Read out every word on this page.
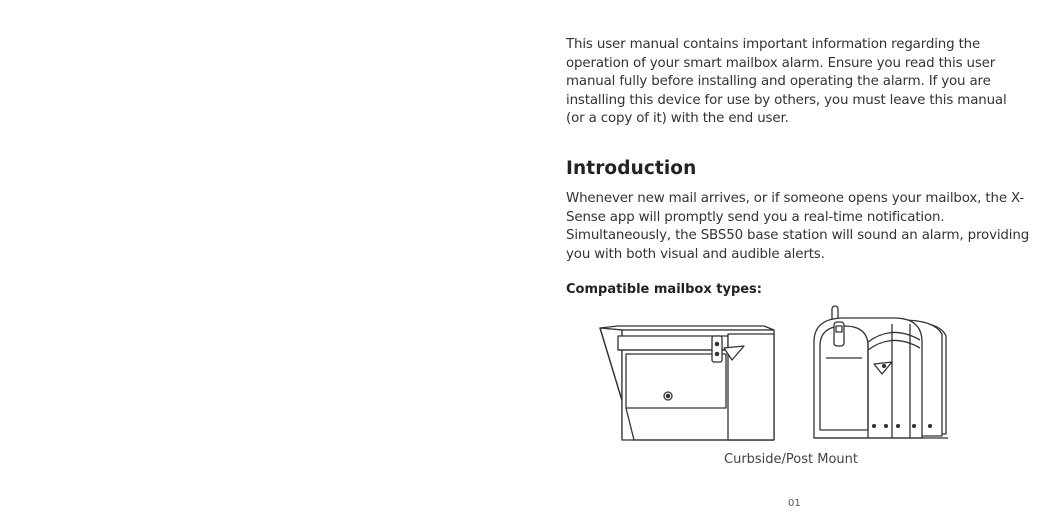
This user manual contains important information regarding the operation of your smart mailbox alarm. Ensure you read this user manual fully before installing and operating the alarm. If you are installing this device for use by others, you must leave this manual (or a copy of it) with the end user.

Introduction

Whenever new mail arrives, or if someone opens your mailbox, the X-Sense app will promptly send you a real-time notification. Simultaneously, the SBS50 base station will sound an alarm, providing you with both visual and audible alerts.

Compatible mailbox types:
Curbside/Post Mount
01
